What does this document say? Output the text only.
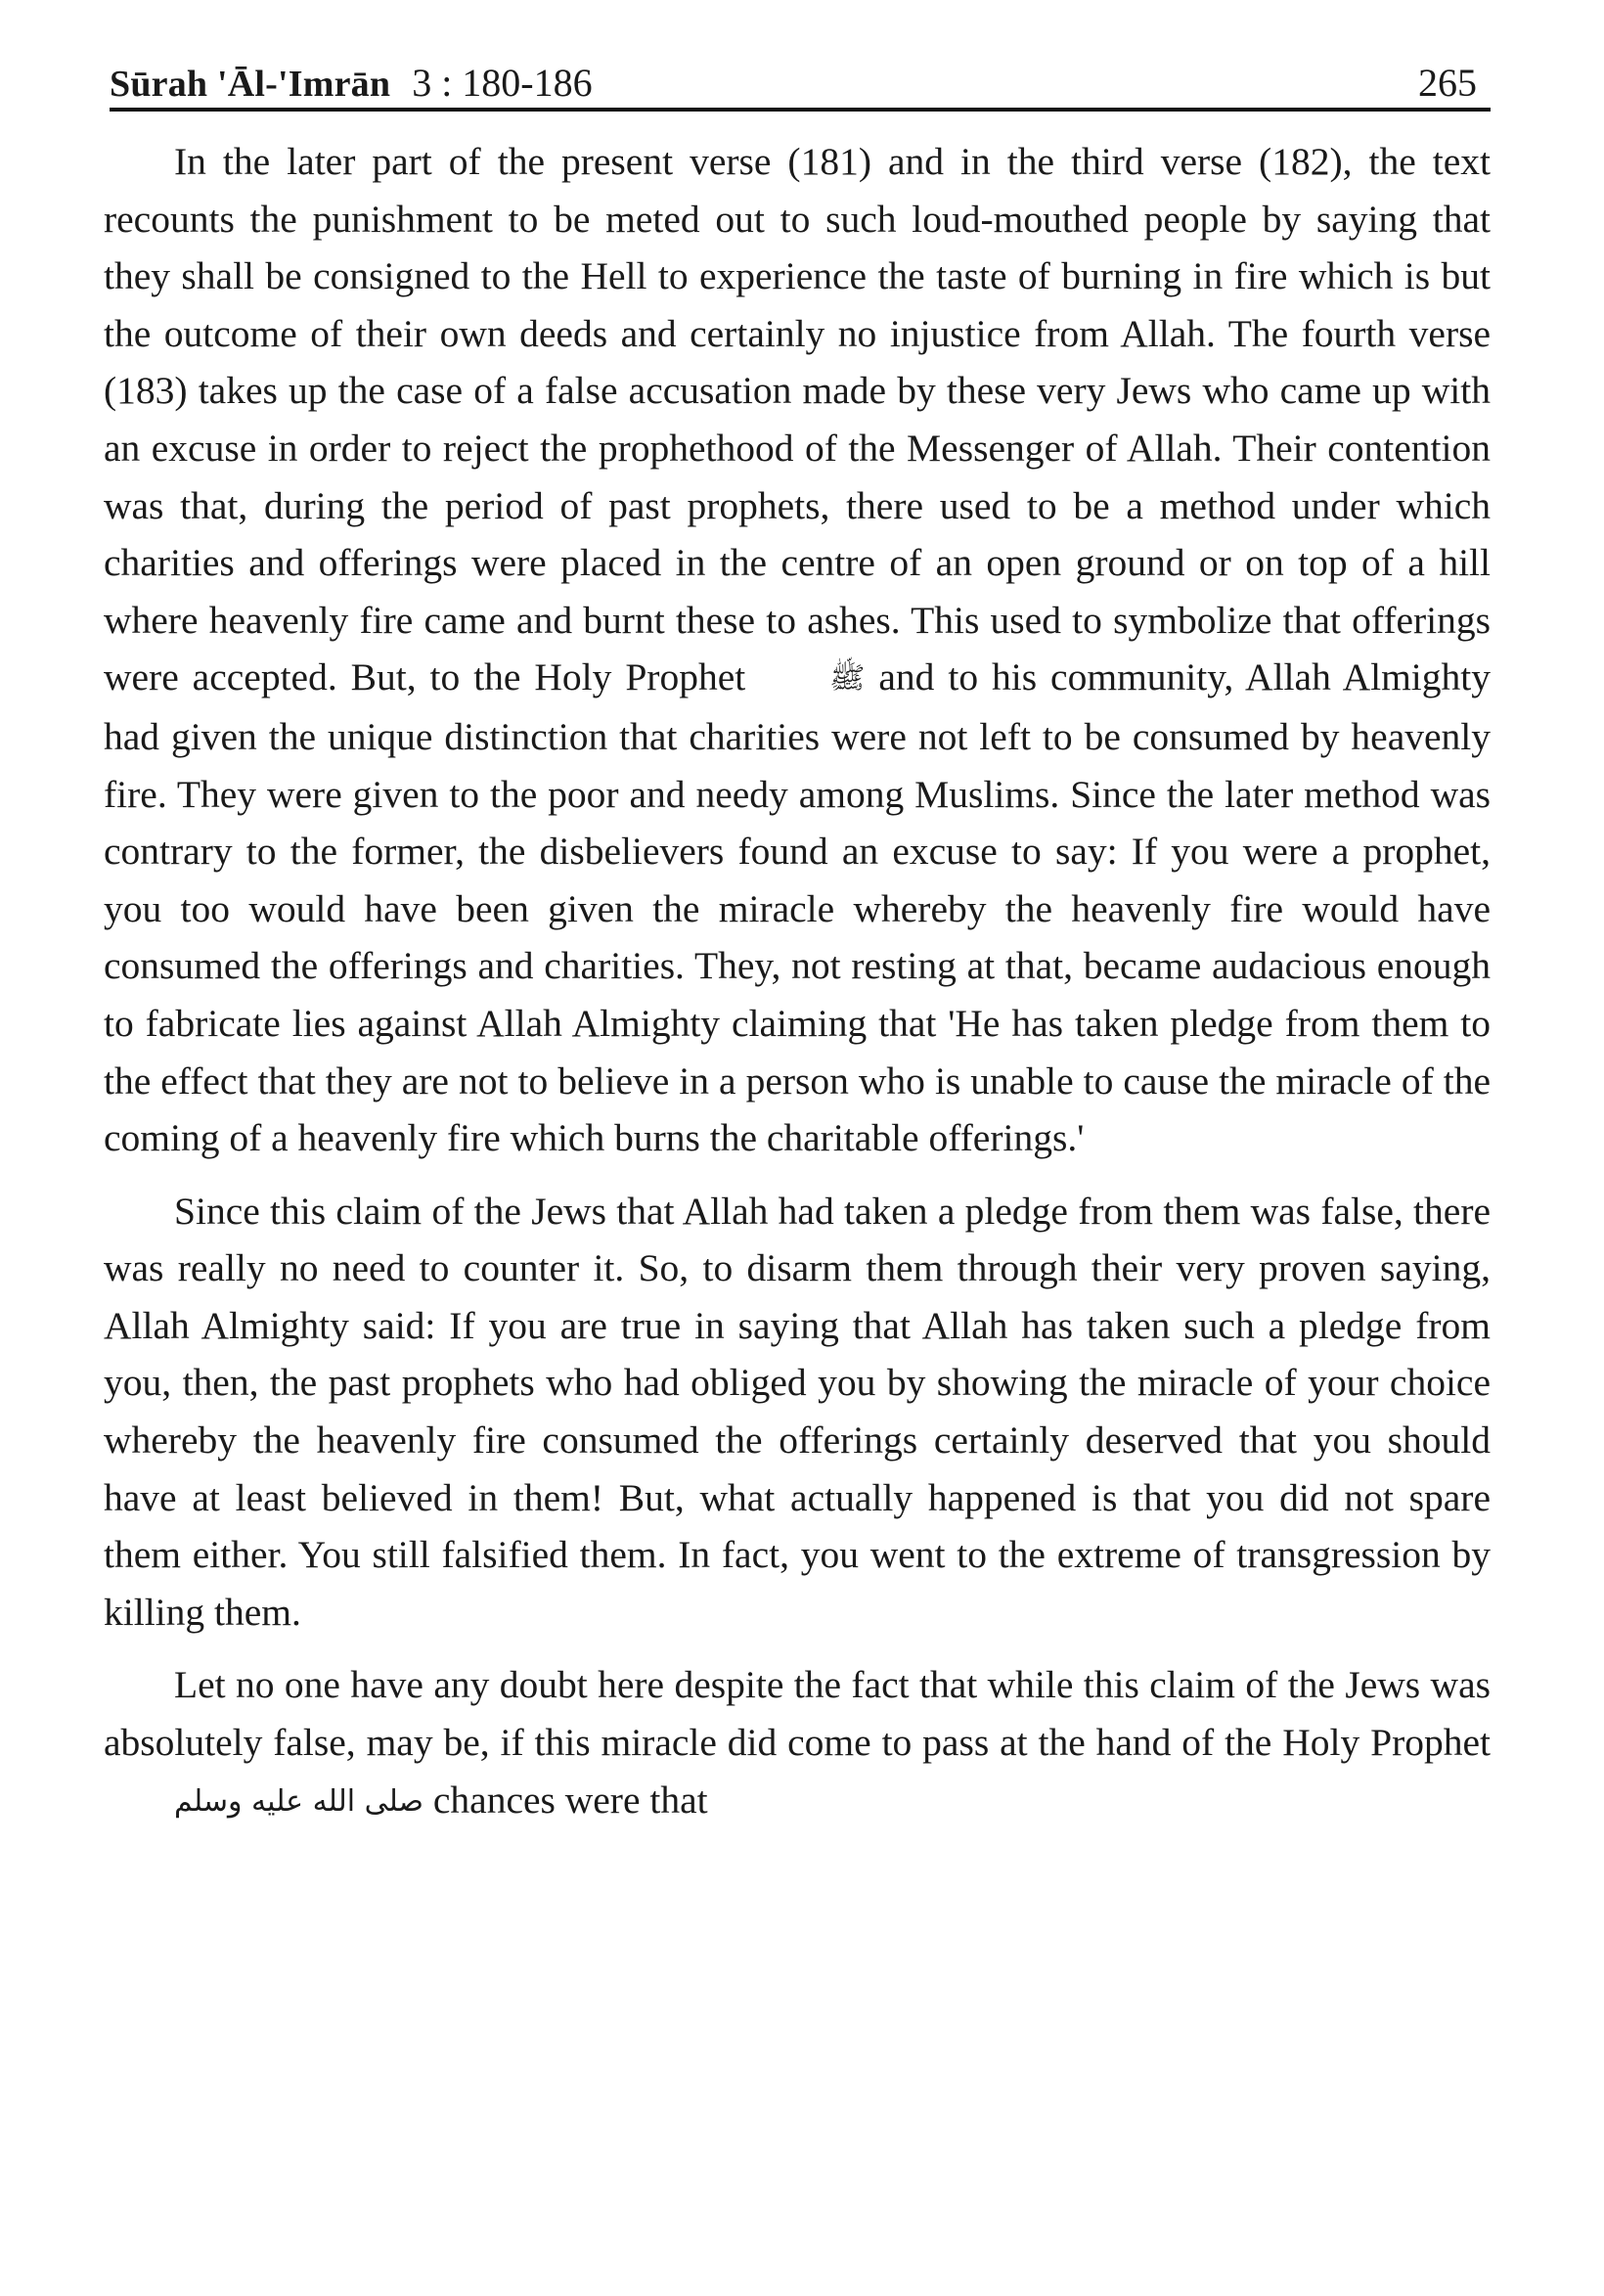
Sūrah 'Āl-'Imrān 3 : 180-186	265

In the later part of the present verse (181) and in the third verse (182), the text recounts the punishment to be meted out to such loud-mouthed people by saying that they shall be consigned to the Hell to experience the taste of burning in fire which is but the outcome of their own deeds and certainly no injustice from Allah. The fourth verse (183) takes up the case of a false accusation made by these very Jews who came up with an excuse in order to reject the prophethood of the Messenger of Allah. Their contention was that, during the period of past prophets, there used to be a method under which charities and offerings were placed in the centre of an open ground or on top of a hill where heavenly fire came and burnt these to ashes. This used to symbolize that offerings were accepted. But, to the Holy Prophet	ﷺ and to his community, Allah Almighty had given the unique distinction that charities were not left to be consumed by heavenly fire. They were given to the poor and needy among Muslims. Since the later method was contrary to the former, the disbelievers found an excuse to say: If you were a prophet, you too would have been given the miracle whereby the heavenly fire would have consumed the offerings and charities. They, not resting at that, became audacious enough to fabricate lies against Allah Almighty claiming that 'He has taken pledge from them to the effect that they are not to believe in a person who is unable to cause the miracle of the coming of a heavenly fire which burns the charitable offerings.'

Since this claim of the Jews that Allah had taken a pledge from them was false, there was really no need to counter it. So, to disarm them through their very proven saying, Allah Almighty said: If you are true in saying that Allah has taken such a pledge from you, then, the past prophets who had obliged you by showing the miracle of your choice whereby the heavenly fire consumed the offerings certainly deserved that you should have at least believed in them! But, what actually happened is that you did not spare them either. You still falsified them. In fact, you went to the extreme of transgression by killing them.

Let no one have any doubt here despite the fact that while this claim of the Jews was absolutely false, may be, if this miracle did come to pass at the hand of the Holy Prophet صلى الله عليه وسلم chances were that
